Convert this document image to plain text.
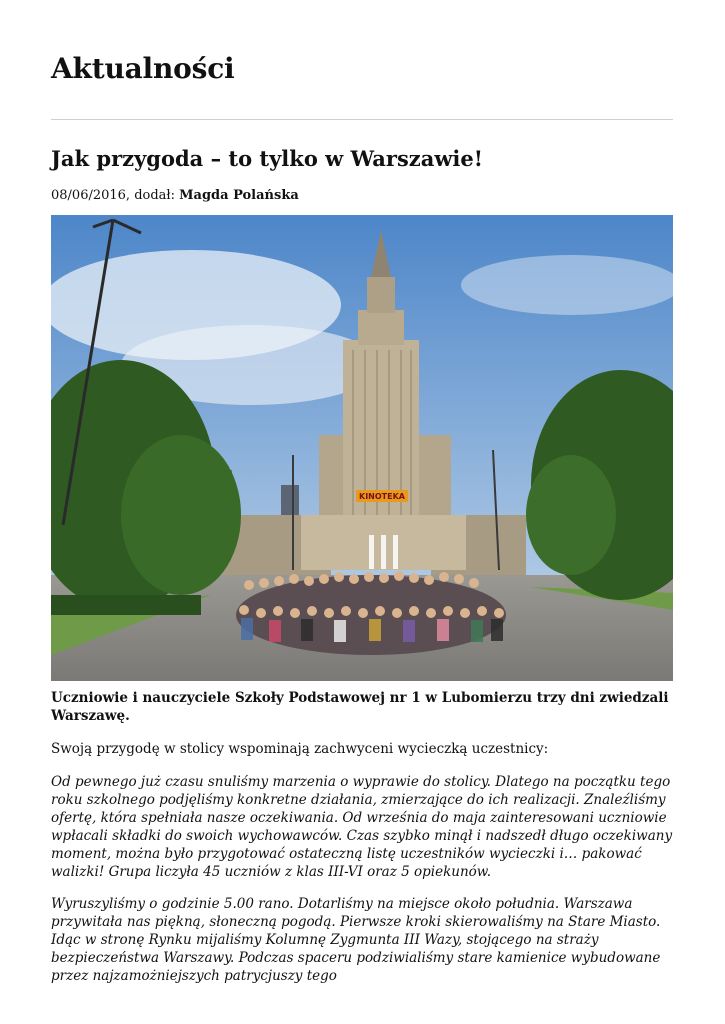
Aktualności
Jak przygoda – to tylko w Warszawie!
08/06/2016, dodał: Magda Polańska
KINOTEKA

Uczniowie i nauczyciele Szkoły Podstawowej nr 1 w Lubomierzu trzy dni zwiedzali Warszawę.

Swoją przygodę w stolicy wspominają zachwyceni wycieczką uczestnicy:

Od pewnego już czasu snuliśmy marzenia o wyprawie do stolicy. Dlatego na początku tego roku szkolnego podjęliśmy konkretne działania, zmierzające do ich realizacji. Znaleźliśmy ofertę, która spełniała nasze oczekiwania. Od września do maja zainteresowani uczniowie wpłacali składki do swoich wychowawców. Czas szybko minął i nadszedł długo oczekiwany moment, można było przygotować ostateczną listę uczestników wycieczki i… pakować walizki! Grupa liczyła 45 uczniów z klas III-VI oraz 5 opiekunów.

Wyruszyliśmy o godzinie 5.00 rano. Dotarliśmy na miejsce około południa. Warszawa przywitała nas piękną, słoneczną pogodą. Pierwsze kroki skierowaliśmy na Stare Miasto. Idąc w stronę Rynku mijaliśmy Kolumnę Zygmunta III Wazy, stojącego na straży bezpieczeństwa Warszawy. Podczas spaceru podziwialiśmy stare kamienice wybudowane przez najzamożniejszych patrycjuszy tego
